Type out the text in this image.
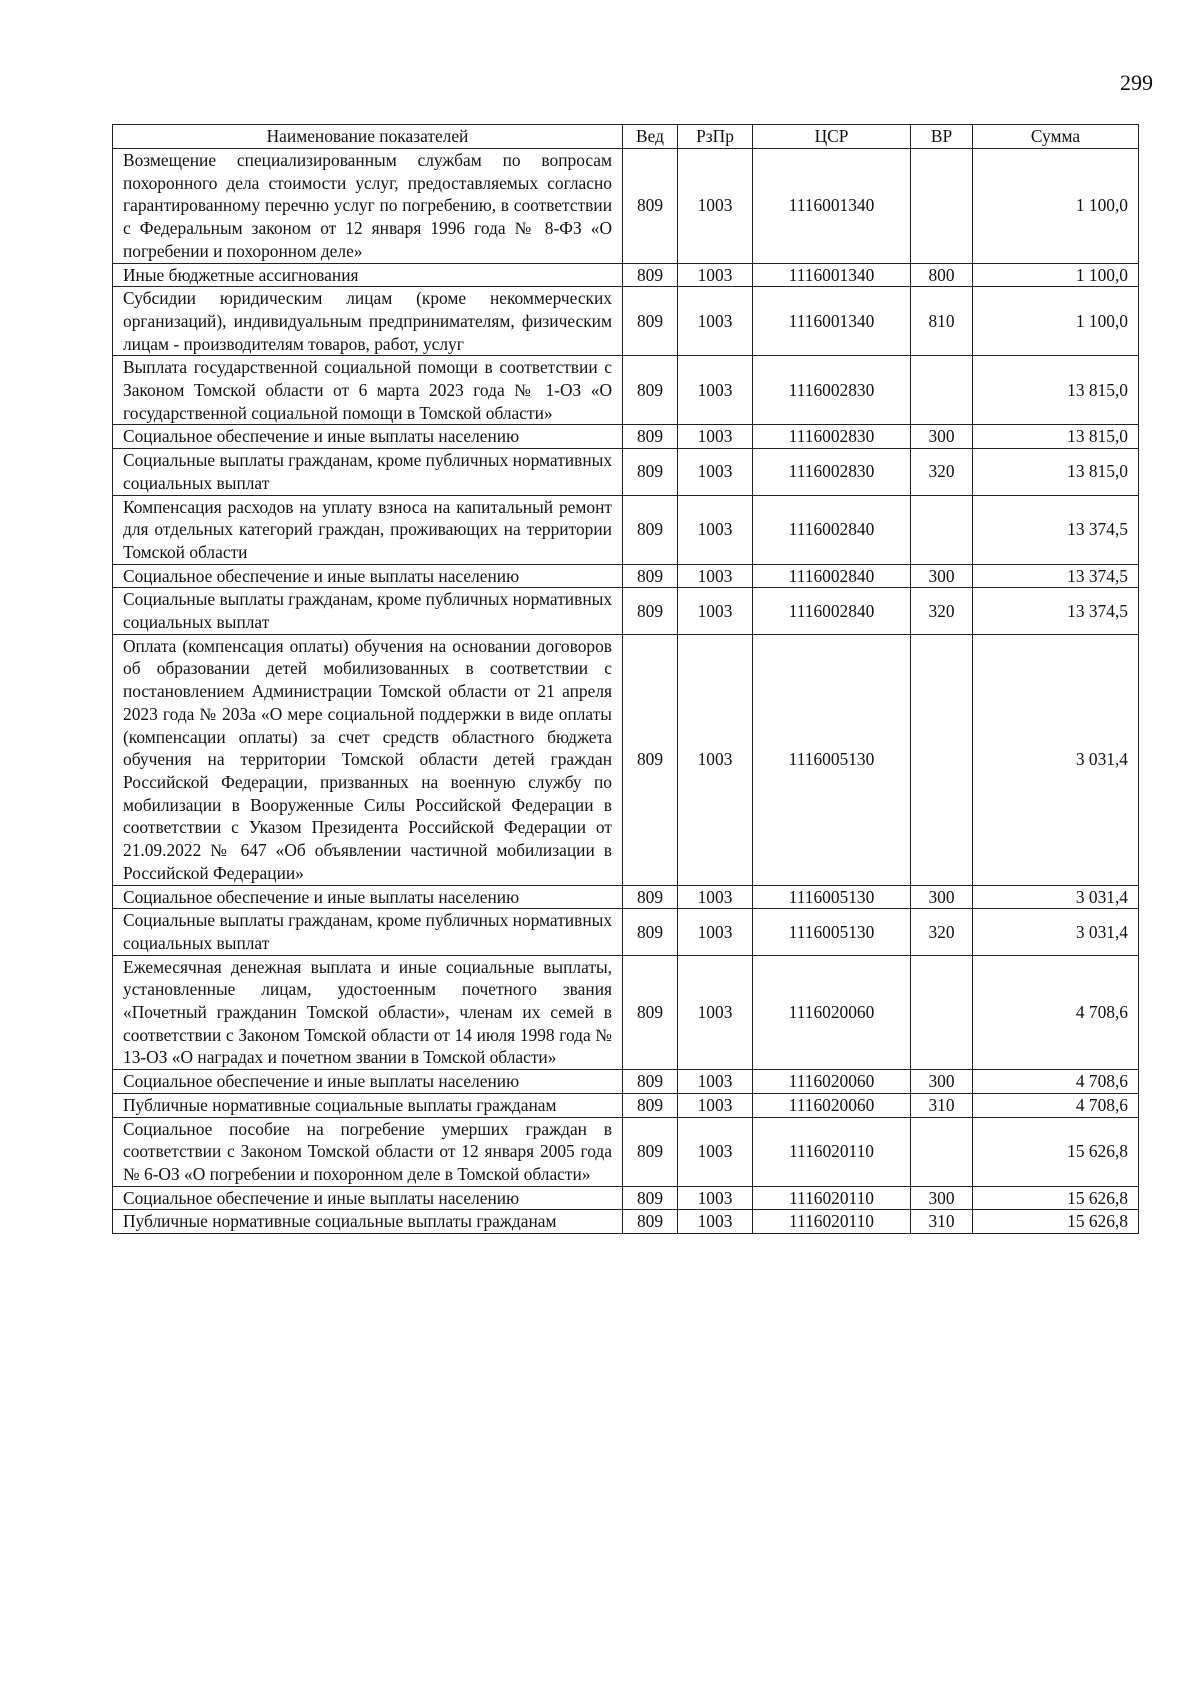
299
Наименование показателей	Вед	РзПр	ЦСР	ВР	Сумма
Возмещение специализированным службам по вопросам похоронного дела стоимости услуг, предоставляемых согласно гарантированному перечню услуг по погребению, в соответствии с Федеральным законом от 12 января 1996 года № 8-ФЗ «О погребении и похоронном деле»	809	1003	1116001340		1 100,0
Иные бюджетные ассигнования	809	1003	1116001340	800	1 100,0
Субсидии юридическим лицам (кроме некоммерческих организаций), индивидуальным предпринимателям, физическим лицам - производителям товаров, работ, услуг	809	1003	1116001340	810	1 100,0
Выплата государственной социальной помощи в соответствии с Законом Томской области от 6 марта 2023 года № 1-ОЗ «О государственной социальной помощи в Томской области»	809	1003	1116002830		13 815,0
Социальное обеспечение и иные выплаты населению	809	1003	1116002830	300	13 815,0
Социальные выплаты гражданам, кроме публичных нормативных социальных выплат	809	1003	1116002830	320	13 815,0
Компенсация расходов на уплату взноса на капитальный ремонт для отдельных категорий граждан, проживающих на территории Томской области	809	1003	1116002840		13 374,5
Социальное обеспечение и иные выплаты населению	809	1003	1116002840	300	13 374,5
Социальные выплаты гражданам, кроме публичных нормативных социальных выплат	809	1003	1116002840	320	13 374,5
Оплата (компенсация оплаты) обучения на основании договоров об образовании детей мобилизованных в соответствии с постановлением Администрации Томской области от 21 апреля 2023 года № 203а «О мере социальной поддержки в виде оплаты (компенсации оплаты) за счет средств областного бюджета обучения на территории Томской области детей граждан Российской Федерации, призванных на военную службу по мобилизации в Вооруженные Силы Российской Федерации в соответствии с Указом Президента Российской Федерации от 21.09.2022 № 647 «Об объявлении частичной мобилизации в Российской Федерации»	809	1003	1116005130		3 031,4
Социальное обеспечение и иные выплаты населению	809	1003	1116005130	300	3 031,4
Социальные выплаты гражданам, кроме публичных нормативных социальных выплат	809	1003	1116005130	320	3 031,4
Ежемесячная денежная выплата и иные социальные выплаты, установленные лицам, удостоенным почетного звания «Почетный гражданин Томской области», членам их семей в соответствии с Законом Томской области от 14 июля 1998 года № 13-ОЗ «О наградах и почетном звании в Томской области»	809	1003	1116020060		4 708,6
Социальное обеспечение и иные выплаты населению	809	1003	1116020060	300	4 708,6
Публичные нормативные социальные выплаты гражданам	809	1003	1116020060	310	4 708,6
Социальное пособие на погребение умерших граждан в соответствии с Законом Томской области от 12 января 2005 года № 6-ОЗ «О погребении и похоронном деле в Томской области»	809	1003	1116020110		15 626,8
Социальное обеспечение и иные выплаты населению	809	1003	1116020110	300	15 626,8
Публичные нормативные социальные выплаты гражданам	809	1003	1116020110	310	15 626,8
